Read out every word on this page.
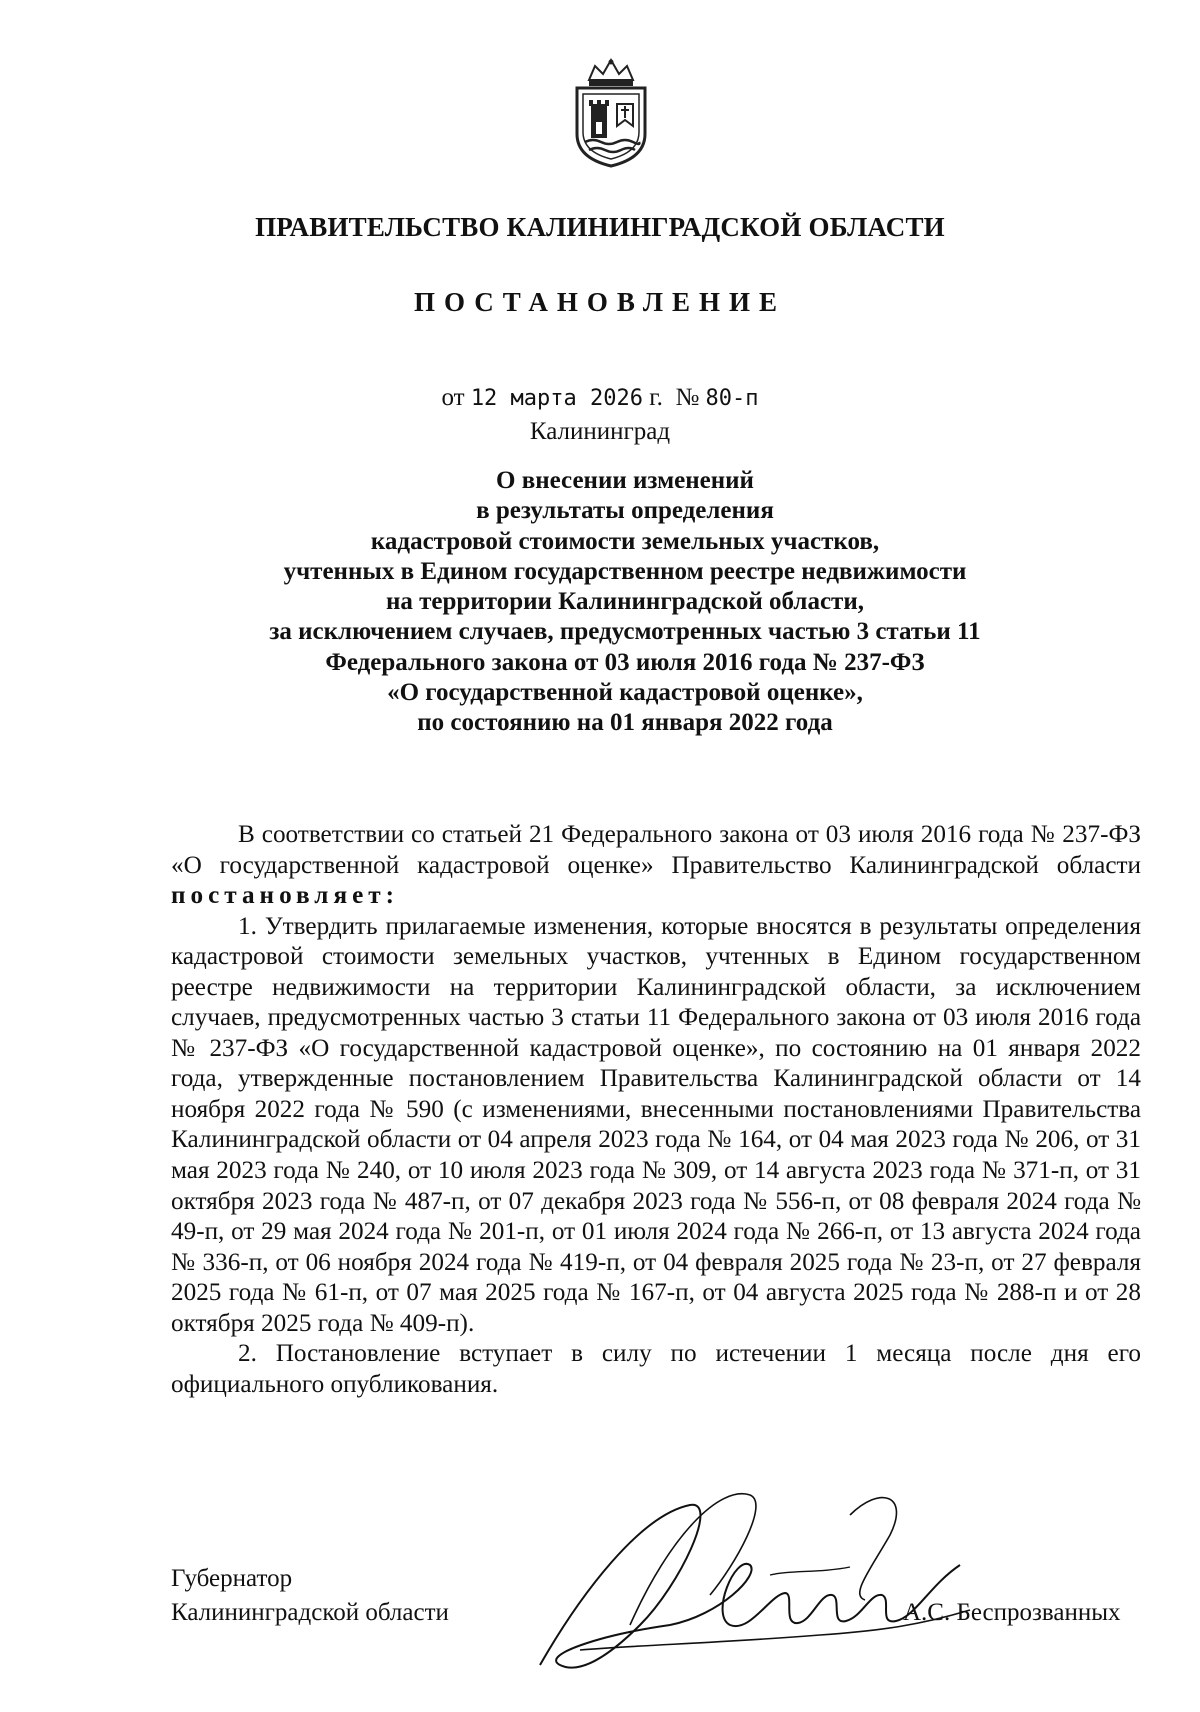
ПРАВИТЕЛЬСТВО КАЛИНИНГРАДСКОЙ ОБЛАСТИ
ПОСТАНОВЛЕНИЕ
от 12 марта 2026 г. № 80-п
Калининград
О внесении изменений
в результаты определения
кадастровой стоимости земельных участков,
учтенных в Едином государственном реестре недвижимости
на территории Калининградской области,
за исключением случаев, предусмотренных частью 3 статьи 11
Федерального закона от 03 июля 2016 года № 237-ФЗ
«О государственной кадастровой оценке»,
по состоянию на 01 января 2022 года

В соответствии со статьей 21 Федерального закона от 03 июля 2016 года № 237-ФЗ «О государственной кадастровой оценке» Правительство Калининградской области постановляет:

1. Утвердить прилагаемые изменения, которые вносятся в результаты определения кадастровой стоимости земельных участков, учтенных в Едином государственном реестре недвижимости на территории Калининградской области, за исключением случаев, предусмотренных частью 3 статьи 11 Федерального закона от 03 июля 2016 года № 237-ФЗ «О государственной кадастровой оценке», по состоянию на 01 января 2022 года, утвержденные постановлением Правительства Калининградской области от 14 ноября 2022 года № 590 (с изменениями, внесенными постановлениями Правительства Калининградской области от 04 апреля 2023 года № 164, от 04 мая 2023 года № 206, от 31 мая 2023 года № 240, от 10 июля 2023 года № 309, от 14 августа 2023 года № 371-п, от 31 октября 2023 года № 487-п, от 07 декабря 2023 года № 556-п, от 08 февраля 2024 года № 49-п, от 29 мая 2024 года № 201-п, от 01 июля 2024 года № 266-п, от 13 августа 2024 года № 336-п, от 06 ноября 2024 года № 419-п, от 04 февраля 2025 года № 23-п, от 27 февраля 2025 года № 61-п, от 07 мая 2025 года № 167-п, от 04 августа 2025 года № 288-п и от 28 октября 2025 года № 409-п).

2. Постановление вступает в силу по истечении 1 месяца после дня его официального опубликования.

Губернатор
Калининградской области	А.С. Беспрозванных
